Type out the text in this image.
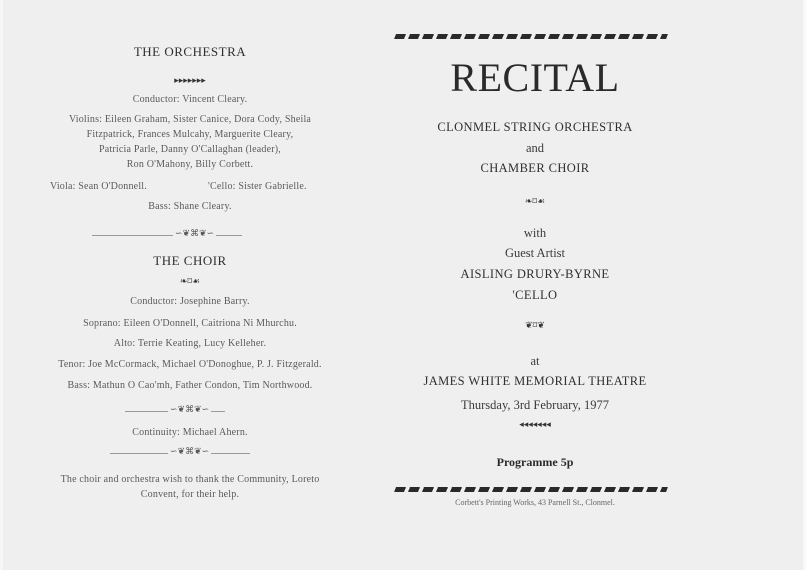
THE ORCHESTRA
▸▸▸▸▸▸▸
Conductor: Vincent Cleary.
Violins: Eileen Graham, Sister Canice, Dora Cody, Sheila
Fitzpatrick, Frances Mulcahy, Marguerite Cleary,
Patricia Parle, Danny O'Callaghan (leader),
Ron O'Mahony, Billy Corbett.
Viola: Sean O'Donnell.	'Cello: Sister Gabrielle.
Bass: Shane Cleary.
∽❦⌘❦∽
THE CHOIR
❧⌑☙
Conductor: Josephine Barry.
Soprano: Eileen O'Donnell, Caitriona Ni Mhurchu.
Alto: Terrie Keating, Lucy Kelleher.
Tenor: Joe McCormack, Michael O'Donoghue, P. J. Fitzgerald.
Bass: Mathun O Cao'mh, Father Condon, Tim Northwood.
∽❦⌘❦∽
Continuity: Michael Ahern.
∽❦⌘❦∽
The choir and orchestra wish to thank the Community, Loreto
Convent, for their help.
RECITAL
CLONMEL STRING ORCHESTRA
and
CHAMBER CHOIR
❧⌑☙
with
Guest Artist
AISLING DRURY-BYRNE
'CELLO
❦⌑❦
at
JAMES WHITE MEMORIAL THEATRE
Thursday, 3rd February, 1977
◂◂◂◂◂◂◂
Programme 5p
Corbett's Printing Works, 43 Parnell St., Clonmel.
